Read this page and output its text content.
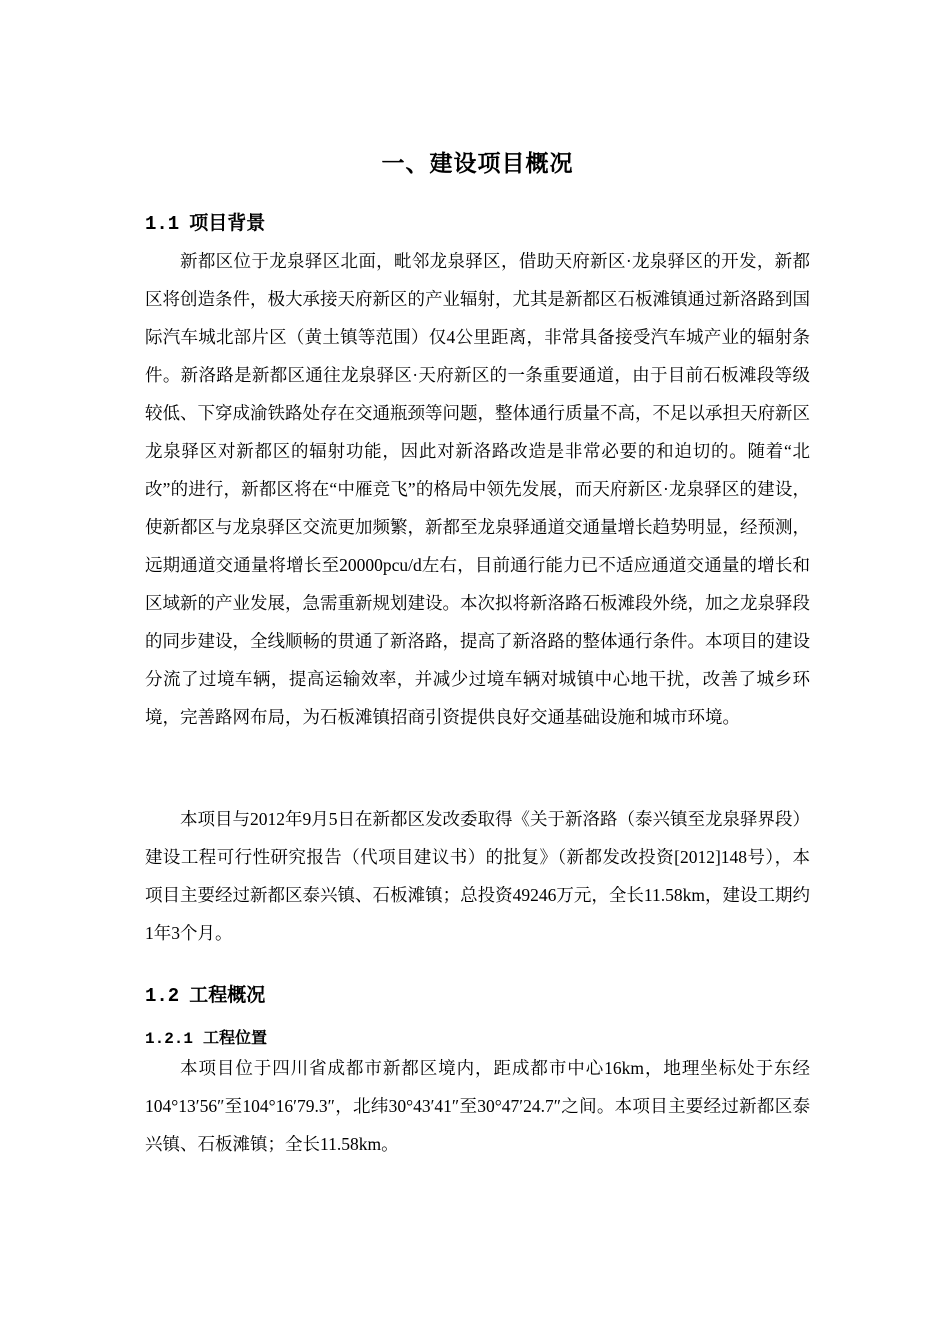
一、建设项目概况
1.1 项目背景

新都区位于龙泉驿区北面，毗邻龙泉驿区，借助天府新区·龙泉驿区的开发，新都区将创造条件，极大承接天府新区的产业辐射，尤其是新都区石板滩镇通过新洛路到国际汽车城北部片区（黄土镇等范围）仅4公里距离，非常具备接受汽车城产业的辐射条件。新洛路是新都区通往龙泉驿区·天府新区的一条重要通道，由于目前石板滩段等级较低、下穿成渝铁路处存在交通瓶颈等问题，整体通行质量不高，不足以承担天府新区龙泉驿区对新都区的辐射功能，因此对新洛路改造是非常必要的和迫切的。随着“北改”的进行，新都区将在“中雁竞飞”的格局中领先发展，而天府新区·龙泉驿区的建设，使新都区与龙泉驿区交流更加频繁，新都至龙泉驿通道交通量增长趋势明显，经预测，远期通道交通量将增长至20000pcu/d左右，目前通行能力已不适应通道交通量的增长和区域新的产业发展，急需重新规划建设。本次拟将新洛路石板滩段外绕，加之龙泉驿段的同步建设，全线顺畅的贯通了新洛路，提高了新洛路的整体通行条件。本项目的建设分流了过境车辆，提高运输效率，并减少过境车辆对城镇中心地干扰，改善了城乡环境，完善路网布局，为石板滩镇招商引资提供良好交通基础设施和城市环境。

本项目与2012年9月5日在新都区发改委取得《关于新洛路（泰兴镇至龙泉驿界段）建设工程可行性研究报告（代项目建议书）的批复》（新都发改投资[2012]148号），本项目主要经过新都区泰兴镇、石板滩镇；总投资49246万元，全长11.58km，建设工期约1年3个月。

1.2 工程概况
1.2.1 工程位置

本项目位于四川省成都市新都区境内，距成都市中心16km，地理坐标处于东经104°13′56″至104°16′79.3″，北纬30°43′41″至30°47′24.7″之间。本项目主要经过新都区泰兴镇、石板滩镇；全长11.58km。
